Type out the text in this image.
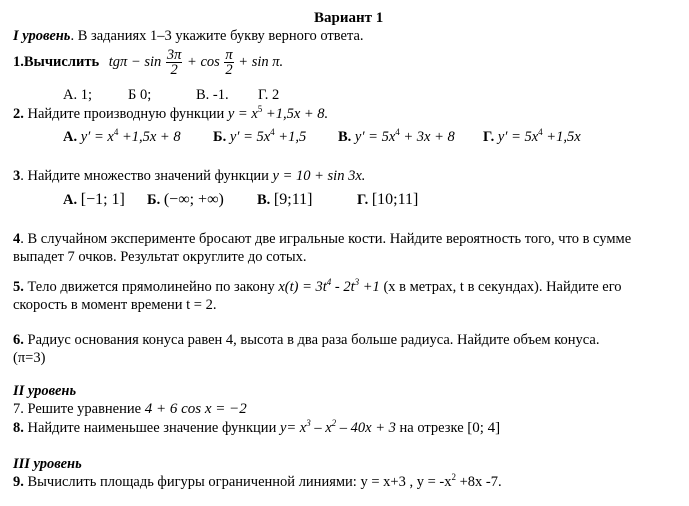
Вариант 1
I уровень. В заданиях 1–3 укажите букву верного ответа.
1.Вычислить $tg\pi - \sin \frac{3\pi}{2} + \cos \frac{\pi}{2} + \sin \pi$.
А. 1; Б 0;	В. -1. Г. 2
2. Найдите производную функции $y = x^5 +1,5x + 8$.
А. $y' = x^4 +1,5x + 8$ Б. $y' = 5x^4 +1,5$ В. $y' = 5x^4 + 3x + 8$ Г. $y' = 5x^4 +1,5x$
3. Найдите множество значений функции y = 10 + sin 3x.
А. [−1; 1] Б. (−∞; +∞) В. [9;11]	Г. [10;11]
4. В случайном эксперименте бросают две игральные кости. Найдите вероятность того, что в сумме
выпадет 7 очков. Результат округлите до сотых.
5. Тело движется прямолинейно по закону $x(t) = 3t^4 - 2t^3 +1$ (x в метрах, t в секундах). Найдите его
скорость в момент времени t = 2.
6. Радиус основания конуса равен 4, высота в два раза больше радиуса. Найдите объем конуса.
(π=3)
II уровень
7. Решите уравнение 4 + 6 cos x = −2
8. Найдите наименьшее значение функции $y= x^3 - x^2 - 40x + 3$ на отрезке [0; 4]
III уровень
9. Вычислить площадь фигуры ограниченной линиями: у = х+3 , $у = -х^2 +8х$ -7.
